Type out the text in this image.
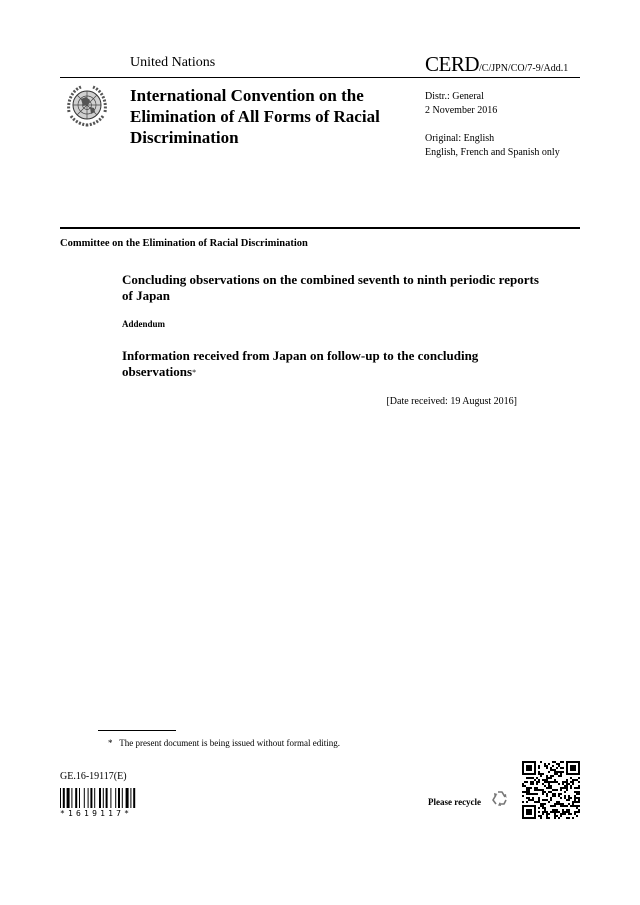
United Nations	CERD/C/JPN/CO/7-9/Add.1
International Convention on the Elimination of All Forms of Racial Discrimination
Distr.: General
2 November 2016
Original: English
English, French and Spanish only
Committee on the Elimination of Racial Discrimination
Concluding observations on the combined seventh to ninth periodic reports of Japan
Addendum
Information received from Japan on follow-up to the concluding observations*
[Date received: 19 August 2016]
* The present document is being issued without formal editing.
GE.16-19117(E)
*1619117*
Please recycle
